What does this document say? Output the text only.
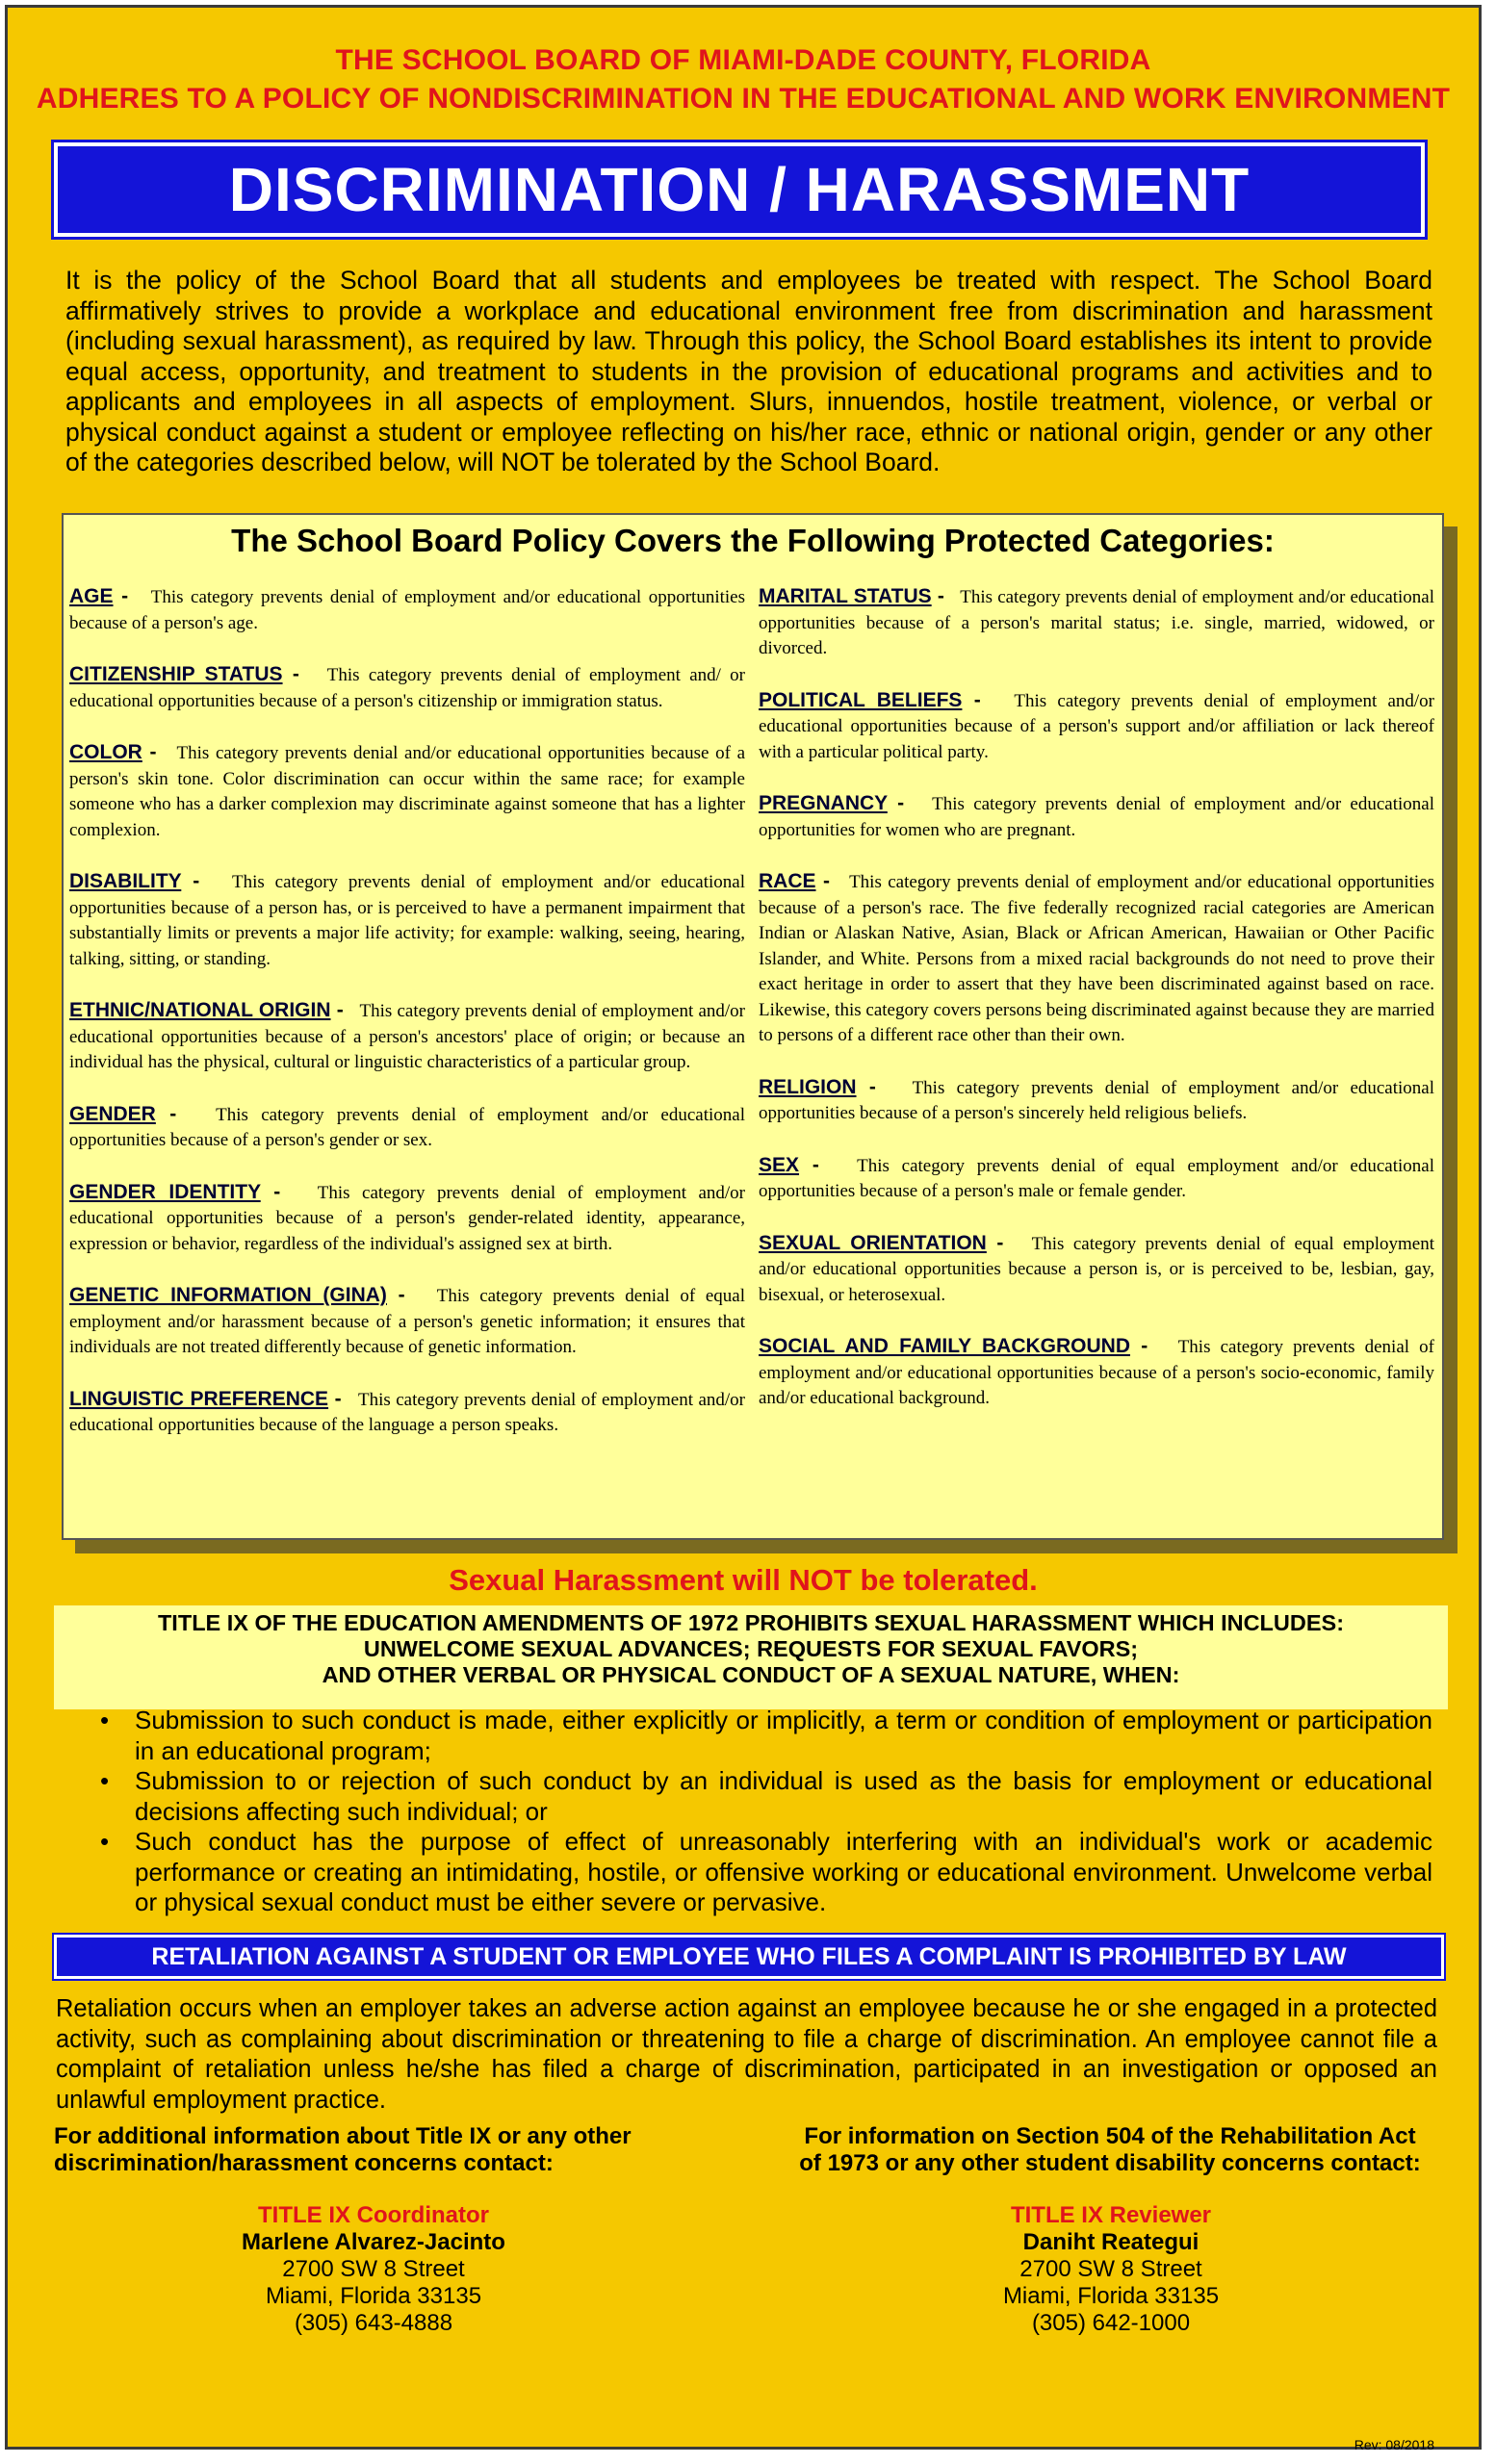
THE SCHOOL BOARD OF MIAMI-DADE COUNTY, FLORIDA
ADHERES TO A POLICY OF NONDISCRIMINATION IN THE EDUCATIONAL AND WORK ENVIRONMENT
DISCRIMINATION / HARASSMENT
It is the policy of the School Board that all students and employees be treated with respect. The School Board affirmatively strives to provide a workplace and educational environment free from discrimination and harassment (including sexual harassment), as required by law. Through this policy, the School Board establishes its intent to provide equal access, opportunity, and treatment to students in the provision of educational programs and activities and to applicants and employees in all aspects of employment. Slurs, innuendos, hostile treatment, violence, or verbal or physical conduct against a student or employee reflecting on his/her race, ethnic or national origin, gender or any other of the categories described below, will NOT be tolerated by the School Board.
The School Board Policy Covers the Following Protected Categories:

AGE -   This category prevents denial of employment and/or educational opportunities because of a person's age.

CITIZENSHIP STATUS -   This category prevents denial of employment and/ or educational opportunities because of a person's citizenship or immigration status.

COLOR -   This category prevents denial and/or educational opportunities because of a person's skin tone. Color discrimination can occur within the same race; for example someone who has a darker complexion may discriminate against someone that has a lighter complexion.

DISABILITY -   This category prevents denial of employment and/or educational opportunities because of a person has, or is perceived to have a permanent impairment that substantially limits or prevents a major life activity; for example: walking, seeing, hearing, talking, sitting, or standing.

ETHNIC/NATIONAL ORIGIN -   This category prevents denial of employment and/or educational opportunities because of a person's ancestors' place of origin; or because an individual has the physical, cultural or linguistic characteristics of a particular group.

GENDER -   This category prevents denial of employment and/or educational opportunities because of a person's gender or sex.

GENDER IDENTITY -   This category prevents denial of employment and/or educational opportunities because of a person's gender-related identity, appearance, expression or behavior, regardless of the individual's assigned sex at birth.

GENETIC INFORMATION (GINA) -   This category prevents denial of equal employment and/or harassment because of a person's genetic information; it ensures that individuals are not treated differently because of genetic information.

LINGUISTIC PREFERENCE -   This category prevents denial of employment and/or educational opportunities because of the language a person speaks.

MARITAL STATUS -   This category prevents denial of employment and/or educational opportunities because of a person's marital status; i.e. single, married, widowed, or divorced.

POLITICAL BELIEFS -   This category prevents denial of employment and/or educational opportunities because of a person's support and/or affiliation or lack thereof with a particular political party.

PREGNANCY -   This category prevents denial of employment and/or educational opportunities for women who are pregnant.

RACE -   This category prevents denial of employment and/or educational opportunities because of a person's race. The five federally recognized racial categories are American Indian or Alaskan Native, Asian, Black or African American, Hawaiian or Other Pacific Islander, and White. Persons from a mixed racial backgrounds do not need to prove their exact heritage in order to assert that they have been discriminated against based on race. Likewise, this category covers persons being discriminated against because they are married to persons of a different race other than their own.

RELIGION -   This category prevents denial of employment and/or educational opportunities because of a person's sincerely held religious beliefs.

SEX -   This category prevents denial of equal employment and/or educational opportunities because of a person's male or female gender.

SEXUAL ORIENTATION -   This category prevents denial of equal employment and/or educational opportunities because a person is, or is perceived to be, lesbian, gay, bisexual, or heterosexual.

SOCIAL AND FAMILY BACKGROUND -   This category prevents denial of employment and/or educational opportunities because of a person's socio-economic, family and/or educational background.

Sexual Harassment will NOT be tolerated.
TITLE IX OF THE EDUCATION AMENDMENTS OF 1972 PROHIBITS SEXUAL HARASSMENT WHICH INCLUDES:
UNWELCOME SEXUAL ADVANCES; REQUESTS FOR SEXUAL FAVORS;
AND OTHER VERBAL OR PHYSICAL CONDUCT OF A SEXUAL NATURE, WHEN:
• Submission to such conduct is made, either explicitly or implicitly, a term or condition of employment or participation in an educational program;
• Submission to or rejection of such conduct by an individual is used as the basis for employment or educational decisions affecting such individual; or
• Such conduct has the purpose of effect of unreasonably interfering with an individual's work or academic performance or creating an intimidating, hostile, or offensive working or educational environment. Unwelcome verbal or physical sexual conduct must be either severe or pervasive.
RETALIATION AGAINST A STUDENT OR EMPLOYEE WHO FILES A COMPLAINT IS PROHIBITED BY LAW
Retaliation occurs when an employer takes an adverse action against an employee because he or she engaged in a protected activity, such as complaining about discrimination or threatening to file a charge of discrimination. An employee cannot file a complaint of retaliation unless he/she has filed a charge of discrimination, participated in an investigation or opposed an unlawful employment practice.
For additional information about Title IX or any other
discrimination/harassment concerns contact:
For information on Section 504 of the Rehabilitation Act
of 1973 or any other student disability concerns contact:
TITLE IX Coordinator
Marlene Alvarez-Jacinto
2700 SW 8 Street
Miami, Florida 33135
(305) 643-4888
TITLE IX Reviewer
Daniht Reategui
2700 SW 8 Street
Miami, Florida 33135
(305) 642-1000
Rev: 08/2018
